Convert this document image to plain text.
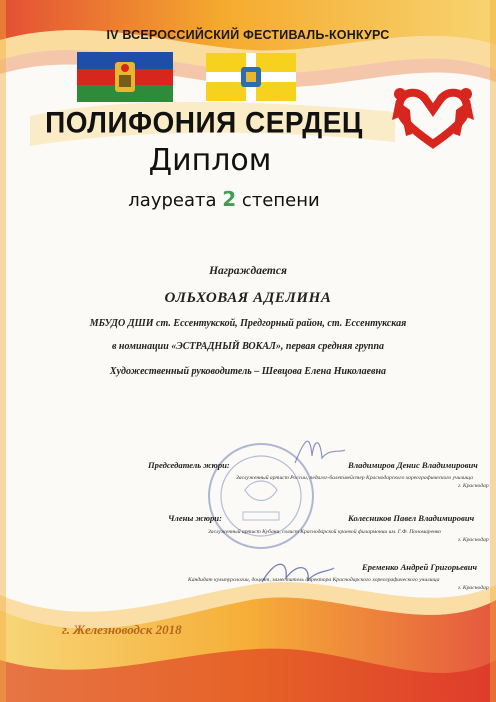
IV ВСЕРОССИЙСКИЙ ФЕСТИВАЛЬ-КОНКУРС
ПОЛИФОНИЯ СЕРДЕЦ
Диплом
лауреата 2 степени
Награждается
ОЛЬХОВАЯ АДЕЛИНА
МБУДО ДШИ ст. Ессентукской, Предгорный район, ст. Ессентукская
в номинации «ЭСТРАДНЫЙ ВОКАЛ», первая средняя группа
Художественный руководитель – Шевцова Елена Николаевна
Председатель жюри:	Владимиров Денис Владимирович
Заслуженный артист России, педагог-балетмейстер Краснодарского хореографического училища
г. Краснодар
Члены жюри:	Колесников Павел Владимирович
Заслуженный артист Кубани, солист Краснодарской краевой филармонии им. Г.Ф. Пономаренко
г. Краснодар
Еременко Андрей Григорьевич
Кандидат культурологии, доцент, заместитель директора Краснодарского хореографического училища
г. Краснодар
г. Железноводск 2018
